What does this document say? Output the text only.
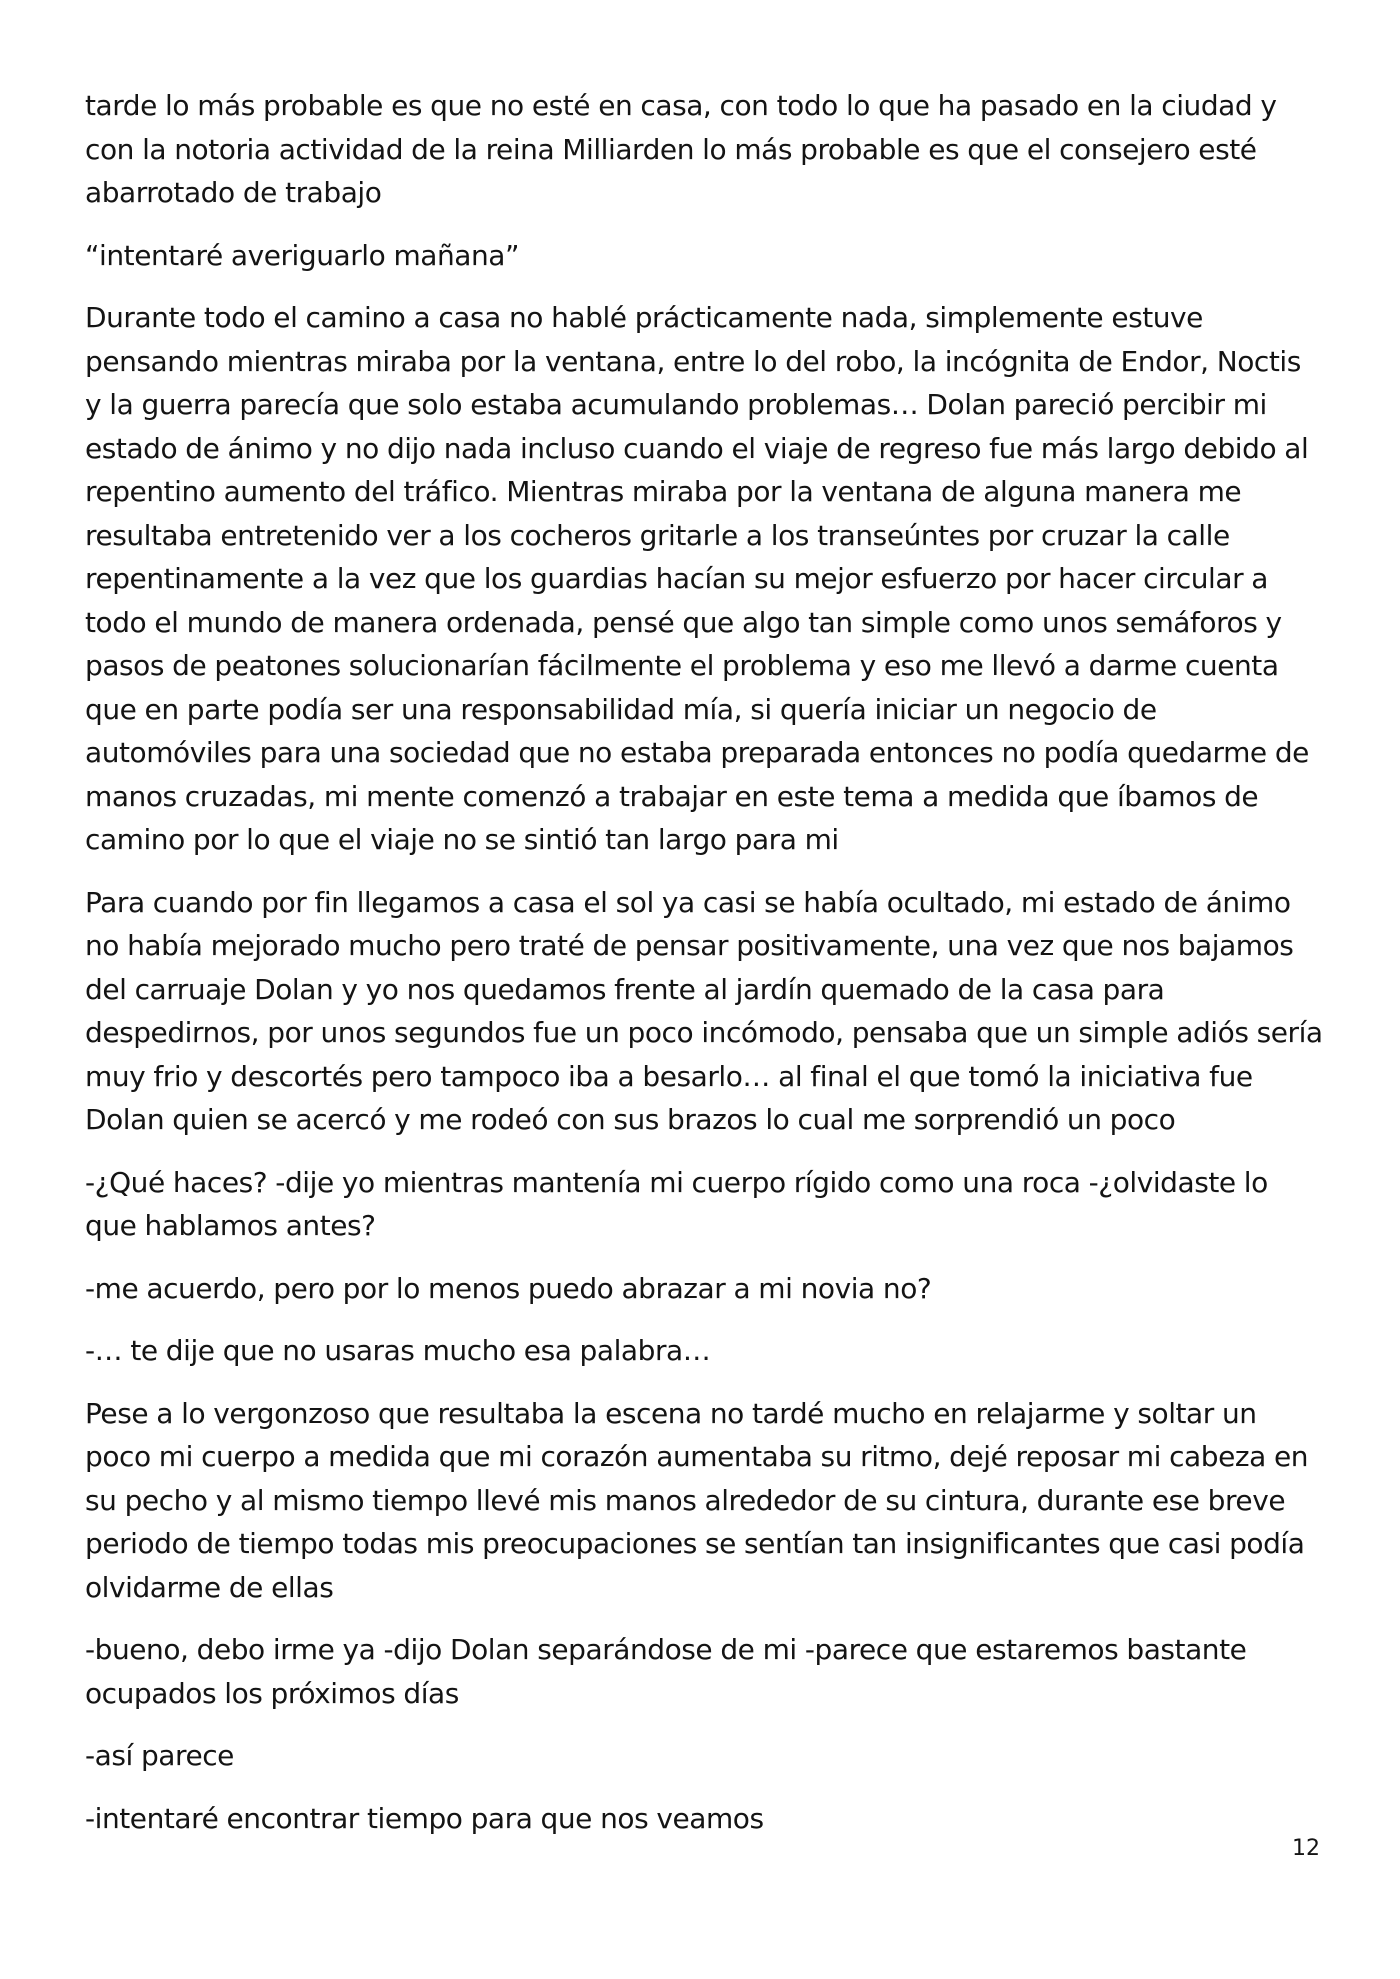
tarde lo más probable es que no esté en casa, con todo lo que ha pasado en la ciudad y con la notoria actividad de la reina Milliarden lo más probable es que el consejero esté abarrotado de trabajo

“intentaré averiguarlo mañana”

Durante todo el camino a casa no hablé prácticamente nada, simplemente estuve pensando mientras miraba por la ventana, entre lo del robo, la incógnita de Endor, Noctis y la guerra parecía que solo estaba acumulando problemas… Dolan pareció percibir mi estado de ánimo y no dijo nada incluso cuando el viaje de regreso fue más largo debido al repentino aumento del tráfico. Mientras miraba por la ventana de alguna manera me resultaba entretenido ver a los cocheros gritarle a los transeúntes por cruzar la calle repentinamente a la vez que los guardias hacían su mejor esfuerzo por hacer circular a todo el mundo de manera ordenada, pensé que algo tan simple como unos semáforos y pasos de peatones solucionarían fácilmente el problema y eso me llevó a darme cuenta que en parte podía ser una responsabilidad mía, si quería iniciar un negocio de automóviles para una sociedad que no estaba preparada entonces no podía quedarme de manos cruzadas, mi mente comenzó a trabajar en este tema a medida que íbamos de camino por lo que el viaje no se sintió tan largo para mi

Para cuando por fin llegamos a casa el sol ya casi se había ocultado, mi estado de ánimo no había mejorado mucho pero traté de pensar positivamente, una vez que nos bajamos del carruaje Dolan y yo nos quedamos frente al jardín quemado de la casa para despedirnos, por unos segundos fue un poco incómodo, pensaba que un simple adiós sería muy frio y descortés pero tampoco iba a besarlo… al final el que tomó la iniciativa fue Dolan quien se acercó y me rodeó con sus brazos lo cual me sorprendió un poco

-¿Qué haces? -dije yo mientras mantenía mi cuerpo rígido como una roca -¿olvidaste lo que hablamos antes?

-me acuerdo, pero por lo menos puedo abrazar a mi novia no?

-… te dije que no usaras mucho esa palabra…

Pese a lo vergonzoso que resultaba la escena no tardé mucho en relajarme y soltar un poco mi cuerpo a medida que mi corazón aumentaba su ritmo, dejé reposar mi cabeza en su pecho y al mismo tiempo llevé mis manos alrededor de su cintura, durante ese breve periodo de tiempo todas mis preocupaciones se sentían tan insignificantes que casi podía olvidarme de ellas

-bueno, debo irme ya -dijo Dolan separándose de mi -parece que estaremos bastante ocupados los próximos días

-así parece

-intentaré encontrar tiempo para que nos veamos

12
